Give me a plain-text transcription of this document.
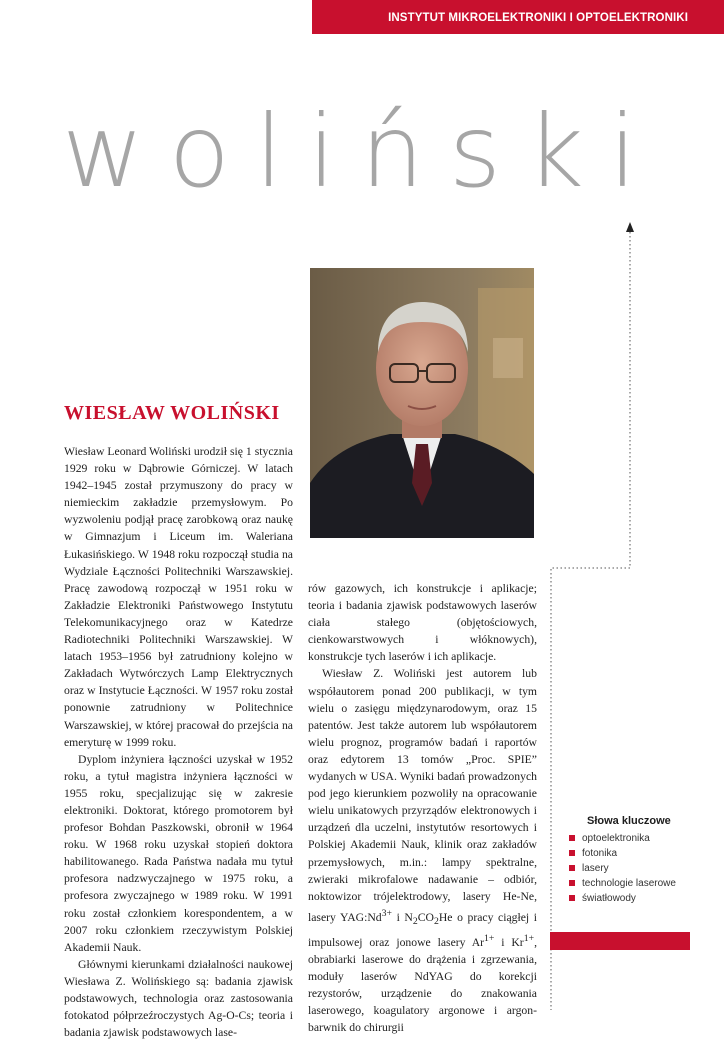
INSTYTUT MIKROELEKTRONIKI I OPTOELEKTRONIKI
woliński
WIESŁAW WOLIŃSKI

Wiesław Leonard Woliński urodził się 1 stycznia 1929 roku w Dąbrowie Górniczej. W latach 1942–1945 został przymuszony do pracy w niemieckim zakładzie przemysłowym. Po wyzwoleniu podjął pracę zarobkową oraz naukę w Gimnazjum i Liceum im. Waleriana Łukasińskiego. W 1948 roku rozpoczął studia na Wydziale Łączności Politechniki Warszawskiej. Pracę zawodową rozpoczął w 1951 roku w Zakładzie Elektroniki Państwowego Instytutu Telekomunikacyjnego oraz w Katedrze Radiotechniki Politechniki Warszawskiej. W latach 1953–1956 był zatrudniony kolejno w Zakładach Wytwórczych Lamp Elektrycznych oraz w Instytucie Łączności. W 1957 roku został ponownie zatrudniony w Politechnice Warszawskiej, w której pracował do przejścia na emeryturę w 1999 roku.

Dyplom inżyniera łączności uzyskał w 1952 roku, a tytuł magistra inżyniera łączności w 1955 roku, specjalizując się w zakresie elektroniki. Doktorat, którego promotorem był profesor Bohdan Paszkowski, obronił w 1964 roku. W 1968 roku uzyskał stopień doktora habilitowanego. Rada Państwa nadała mu tytuł profesora nadzwyczajnego w 1975 roku, a profesora zwyczajnego w 1989 roku. W 1991 roku został członkiem korespondentem, a w 2007 roku członkiem rzeczywistym Polskiej Akademii Nauk.

Głównymi kierunkami działalności naukowej Wiesława Z. Wolińskiego są: badania zjawisk podstawowych, technologia oraz zastosowania fotokatod półprzeźroczystych Ag-O-Cs; teoria i badania zjawisk podstawowych lase-

rów gazowych, ich konstrukcje i aplikacje; teoria i badania zjawisk podstawowych laserów ciała stałego (objętościowych, cienkowarstwowych i włóknowych), konstrukcje tych laserów i ich aplikacje.

Wiesław Z. Woliński jest autorem lub współautorem ponad 200 publikacji, w tym wielu o zasięgu międzynarodowym, oraz 15 patentów. Jest także autorem lub współautorem wielu prognoz, programów badań i raportów oraz edytorem 13 tomów „Proc. SPIE” wydanych w USA. Wyniki badań prowadzonych pod jego kierunkiem pozwoliły na opracowanie wielu unikatowych przyrządów elektronowych i urządzeń dla uczelni, instytutów resortowych i Polskiej Akademii Nauk, klinik oraz zakładów przemysłowych, m.in.: lampy spektralne, zwieraki mikrofalowe nadawanie – odbiór, noktowizor trójelektrodowy, lasery He-Ne, lasery $YAG:Nd^{3+}$ i $N_2CO_2He$ o pracy ciągłej i impulsowej oraz jonowe lasery $Ar^{1+}$ i $Kr^{1+}$, obrabiarki laserowe do drążenia i zgrzewania, moduły laserów NdYAG do korekcji rezystorów, urządzenie do znakowania laserowego, koagulatory argonowe i argon-barwnik do chirurgii

Słowa kluczowe
optoelektronika
fotonika
lasery
technologie laserowe
światłowody
